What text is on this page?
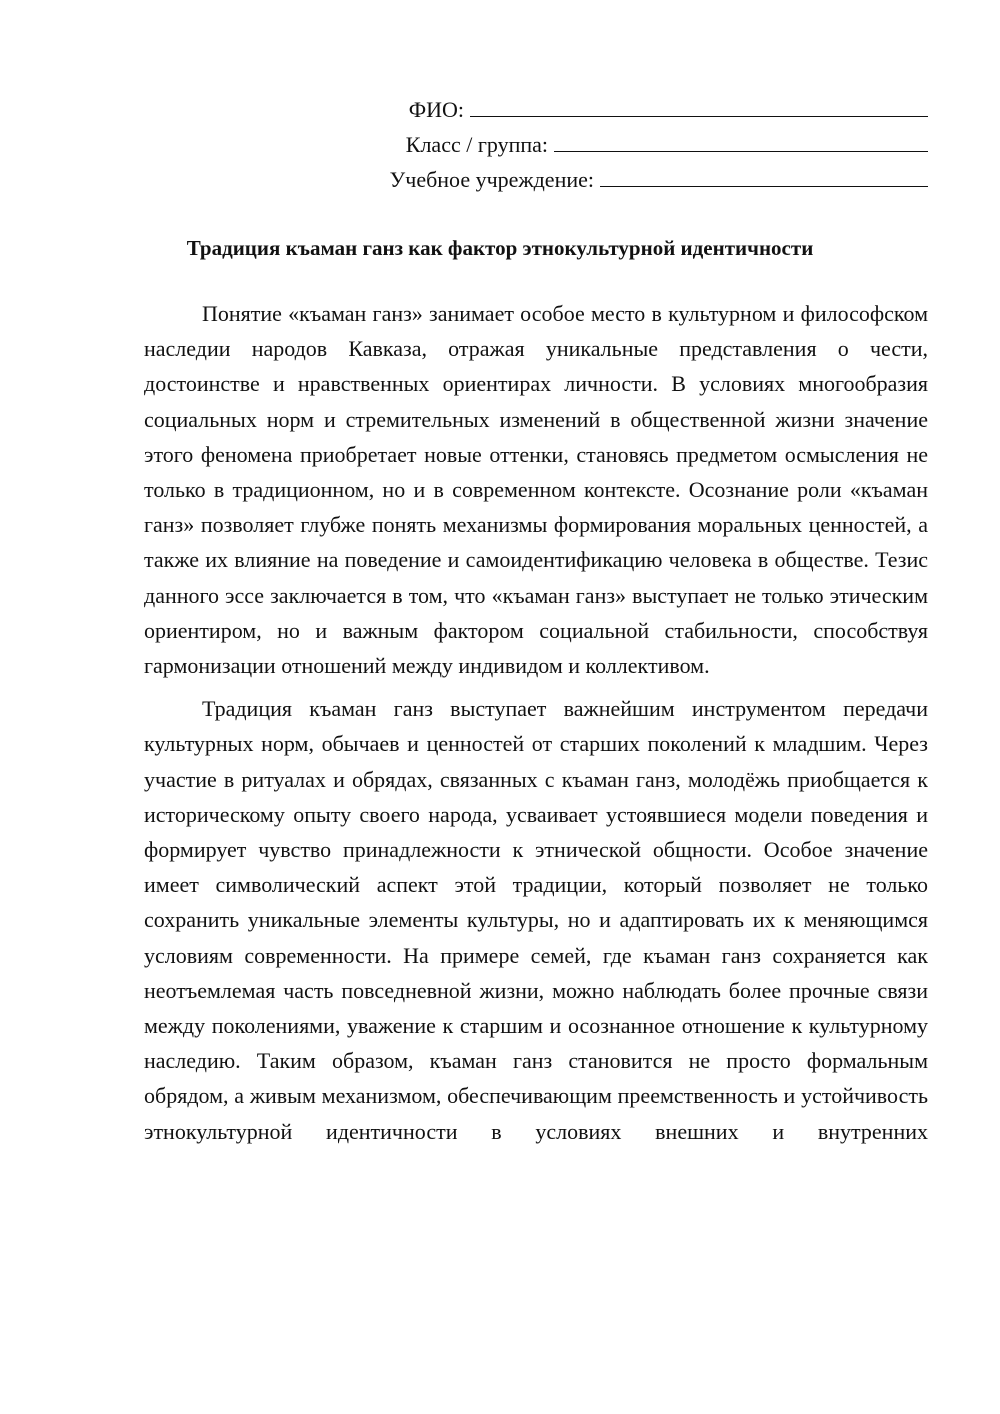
ФИО:
Класс / группа:
Учебное учреждение:
Традиция къаман ганз как фактор этнокультурной идентичности

Понятие «къаман ганз» занимает особое место в культурном и философском наследии народов Кавказа, отражая уникальные представления о чести, достоинстве и нравственных ориентирах личности. В условиях многообразия социальных норм и стремительных изменений в общественной жизни значение этого феномена приобретает новые оттенки, становясь предметом осмысления не только в традиционном, но и в современном контексте. Осознание роли «къаман ганз» позволяет глубже понять механизмы формирования моральных ценностей, а также их влияние на поведение и самоидентификацию человека в обществе. Тезис данного эссе заключается в том, что «къаман ганз» выступает не только этическим ориентиром, но и важным фактором социальной стабильности, способствуя гармонизации отношений между индивидом и коллективом.

Традиция къаман ганз выступает важнейшим инструментом передачи культурных норм, обычаев и ценностей от старших поколений к младшим. Через участие в ритуалах и обрядах, связанных с къаман ганз, молодёжь приобщается к историческому опыту своего народа, усваивает устоявшиеся модели поведения и формирует чувство принадлежности к этнической общности. Особое значение имеет символический аспект этой традиции, который позволяет не только сохранить уникальные элементы культуры, но и адаптировать их к меняющимся условиям современности. На примере семей, где къаман ганз сохраняется как неотъемлемая часть повседневной жизни, можно наблюдать более прочные связи между поколениями, уважение к старшим и осознанное отношение к культурному наследию. Таким образом, къаман ганз становится не просто формальным обрядом, а живым механизмом, обеспечивающим преемственность и устойчивость этнокультурной идентичности в условиях внешних и внутренних
